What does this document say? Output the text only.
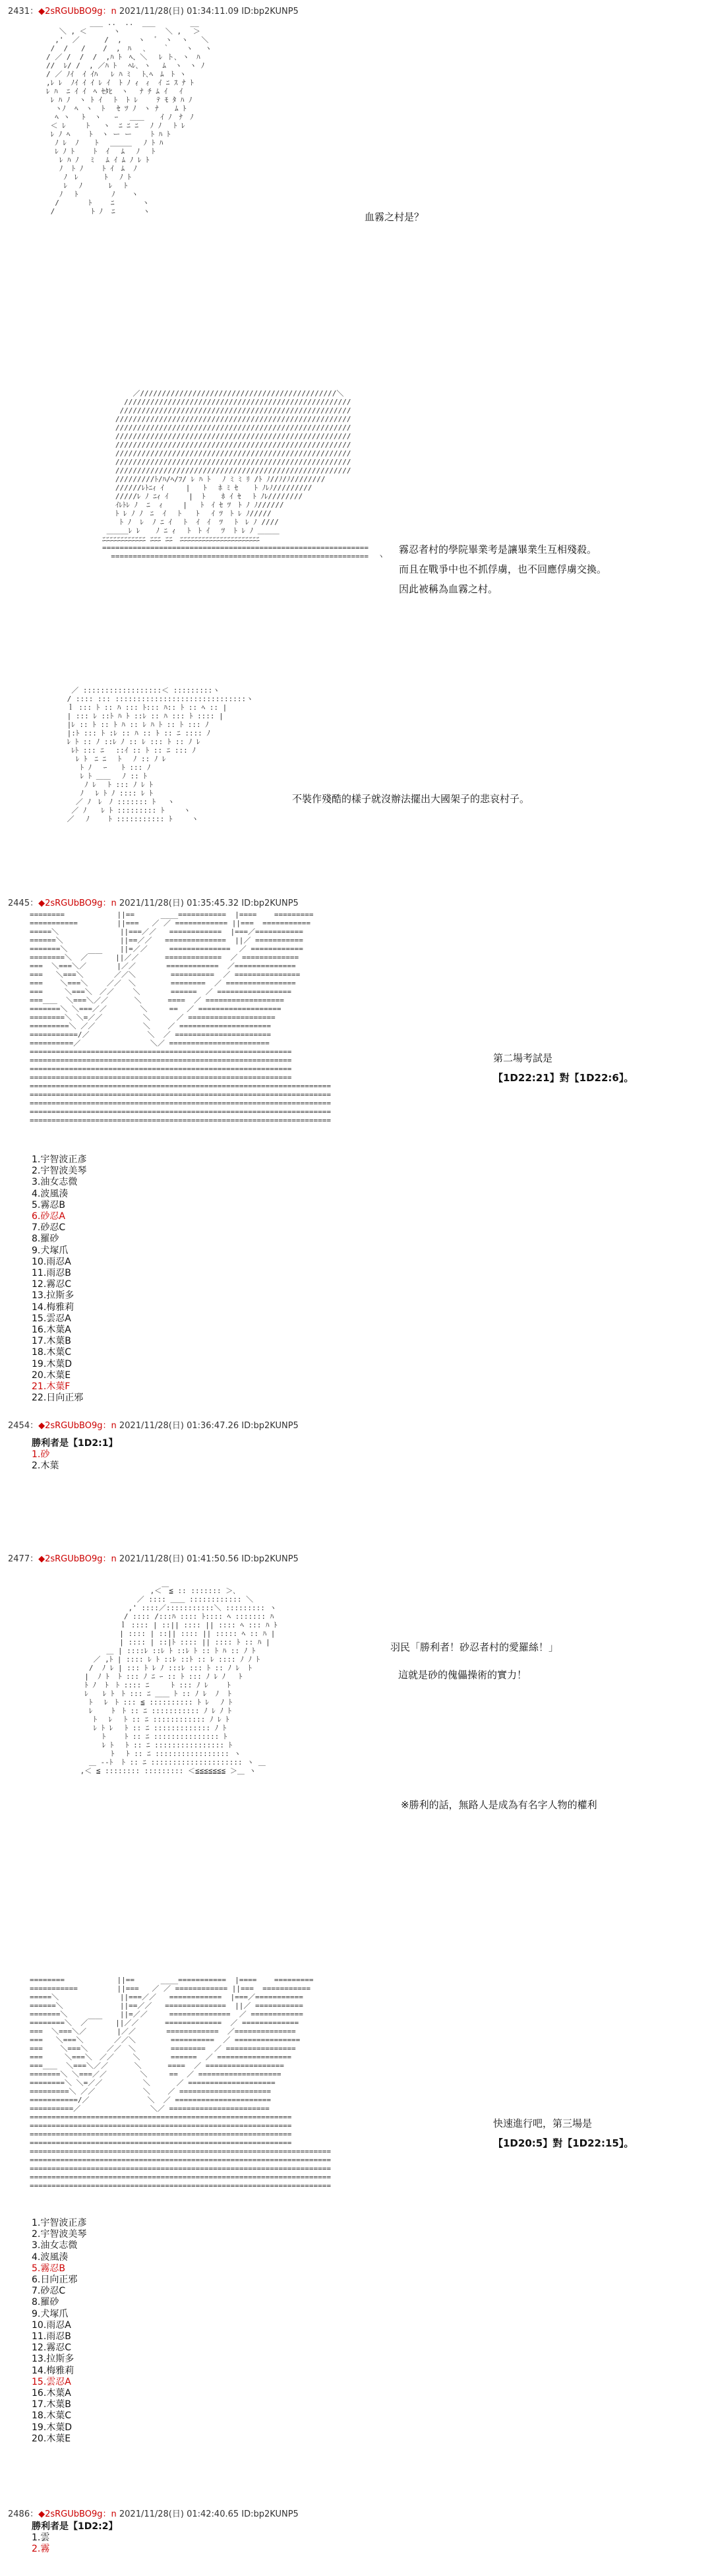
2431：◆2sRGUbBO9g：n 2021/11/28(日) 01:34:11.09 ID:bp2KUNP5
___ ..  ..  ___        __
＼ , ＜      ヽ       　　＼ ,　 ＞
,'  ／　    /  ,　  ヽ　 ﾞ　ヽ  ヽ   ＼
/  /   /    /  ,　ﾊ　 ､ 　 ｀ 　 ヽ　 ヽ
/ ／ /  /  /  ,ﾊ ﾄ　ﾍ、＼　 ﾚ ト､ ヽ　ﾊ
//  ﾚ/ /  , ／ﾊ ﾄ　 ﾍﾚ､ ヽ　 ﾑ  ヽ　ヽ ﾉ
/ ／ ﾉｲ  ｲ ｲﾊ   ﾚ ﾊ ﾐ　 ﾄ､ﾍ　ﾑ　ﾄ ヽ
,ﾚ ﾚ  ﾉｲ ｲ ｲ ﾚ ｲ  ﾄ ﾉ ｨ　ｨ  ｲ ﾆ ｽ ﾅ ﾄ
ﾚ ﾊ  ﾆ ｲ ｲ　ﾍ ｾﾀﾋ  ヽ 　ﾅ ﾁ ﾑ ｲ　 ｲ
ﾚ ﾊ ﾉ  ヽ ﾄ ｲ 　ﾄ  ﾄ ﾚ　　 ﾃ ﾓ ﾀ ﾊ ﾉ
ヽﾉ  ﾍ　ヽ  ﾄ　 ｾ ﾂ ﾉ　ヽ ﾅ 　 ﾑ ﾄ
ﾍ ヽ　 ﾄ  ヽ   ｰ　 ＿＿ 　 ｲ ﾉ　ﾅ　ﾉ
＜ ﾚ  　 ﾄ   ヽ  ﾆ ﾆ ﾆ　 ﾉ ﾉ　 ﾄ ﾚ
ﾚ ﾉ ﾍ　　 ﾄ  ヽ ー ー　　 ﾄ ﾊ ﾄ
ﾉ ﾚ  ﾉ 　 ﾄ　 ＿＿＿　 ﾉ ﾄ ﾊ
ﾚ ﾉ ﾄ 　　ﾄ  ｲ　 ﾑ　 ﾉ　 ﾄ
ﾚ ﾊ ﾉ　 ﾐ　 ﾑ ｲ ﾑ ﾉ ﾚ ﾄ
ﾉ  ﾄ ﾉ　 　ﾄ ｲ　ﾑ  ﾉ
ﾉ　ﾚ　　 　ﾄ　 ﾉ ﾄ
ﾚ 　ﾉ　 　　ﾚ 　ﾄ
ﾉ　 ﾄ　　　　 ﾉ  　ヽ
/　　　　ﾄ　　 ﾆ　  　 ヽ
/　　　　　ﾄ ﾉ  ﾆ　　   ヽ	血霧之村是？
／/////////////////////////////////////////////＼
////////////////////////////////////////////////////
/////////////////////////////////////////////////////
//////////////////////////////////////////////////////
//////////////////////////////////////////////////////
//////////////////////////////////////////////////////
//////////////////////////////////////////////////////
//////////////////////////////////////////////////////
//////////////////////////////////////////////////////
//////////////////////////////////////////////////////
/////////ﾄ/ﾊ/ﾍ/ﾌ/ ﾚ ﾊ ﾄ 　ﾉ ﾐ ﾐ ﾘ /ﾄ ﾉ//ﾉ/ﾉ////////
//////ﾚﾄﾆｨ ｲ　　　|   ﾄ 　ﾎ ﾐ ｾ 　 ﾄ ﾉﾚﾉ/////////
/////ﾚ ﾉ ﾆｨ ｲ  　 |  ﾄ 　 ﾎ ｲ ｾ　 ﾄ ﾉﾚ////////
ｲﾚﾄﾚ ﾉ  ﾆ  ｨ 　  |   ﾄ　ｲ ｾ ﾂ　ﾄ ﾉ ﾉ//////
ﾄ ﾚ ﾉ ﾉ　ﾆ  ｲ　 ﾄ　　ﾄ　 ｲ ﾂ　ﾄ ﾚ ﾉ/////
ﾄ ﾉ  ﾚ  ﾉ ﾆ ｲ　 ﾄ  ｲ　ｲ  ﾂ　 ﾄ　ﾚ ﾉ ////
＿＿＿ﾚ ﾚ 　 ﾉ ﾆ ｨ 　ﾄ　ﾄ ｲ　 ﾂ  ﾄ ﾚ ﾉ ＿＿＿
ﾆﾆﾆﾆﾆﾆﾆﾆﾆﾆﾆﾆ ﾆﾆﾆ ﾆﾆ　ﾆﾆﾆﾆﾆﾆﾆﾆﾆﾆﾆﾆﾆﾆﾆﾆﾆﾆﾆﾆﾆﾆ
=============================================================
===========================================================  ヽ
霧忍者村的學院畢業考是讓畢業生互相殘殺。
而且在戰爭中也不抓俘虜，也不回應俘虜交換。
因此被稱為血霧之村。
／ ::::::::::::::::::＜ :::::::::ヽ
/ :::: ::: ::::::::::::::::::::::::::::::ヽ
ｌ ::: ﾄ :: ﾊ ::: ﾄ::: ﾊ:: ﾄ :: ﾍ :: |
| ::: ﾚ ::ﾄ ﾊ ﾄ ::ﾚ :: ﾊ ::: ﾄ :::: |
|ﾚ :: ﾄ :: ﾄ ﾊ :: ﾚ ﾊ ﾄ :: ﾄ ::: ﾉ
|:ﾄ ::: ﾄ :ﾚ :: ﾊ :: ﾄ :: ﾆ :::: ﾉ
ﾚ ﾄ :: ﾉ ::ﾚ ﾉ :: ﾚ ::: ﾄ :: ﾉ ﾚ
ﾚﾄ ::: ﾆ　 ::ｲ :: ﾄ :: ﾆ ::: ﾉ
ﾚ ﾄ　ﾆ ﾆ　 ﾄ　 ﾉ :: ﾉ ﾚ
ﾄ ﾉ　 ｰ　　ﾄ ::: ﾉ
ﾚ ﾄ ＿＿　 ﾉ :: ﾄ
ﾉ ﾚ　 ﾄ ::: ﾉ ﾚ ﾄ
ﾉ 　ﾚ ﾄ ﾉ :::: ﾚ ﾄ
／ ﾉ　ﾚ　ﾉ ::::::: ﾄ　 ヽ
／ ﾉ　　ﾚ ﾄ ::::::::: ﾄ　　 ヽ
／ 　ﾉ　　 ﾄ ::::::::::: ﾄ 　　ヽ
不裝作殘酷的樣子就沒辦法擺出大國架子的悲哀村子。
2445：◆2sRGUbBO9g：n 2021/11/28(日) 01:35:45.32 ID:bp2KUNP5
========            ||==      ____===========  |====    =========
===========         ||===   ／ ／ ============ ||===  ===========
=====＼              ||===／／   ============  |===／===========
======＼             ||==／／   ==============  ||／ ===========
=======＼            ||=／／     ==============  ／ ============
========＼  ／￣￣   ||／／      =============  ／ =============
===  ＼===＼／　　　  |／／       ============  ／==============
===   ＼===＼　　　  ／／＼        ==========  ／ ===============
===    ＼===＼　　 ／／　＼        ========  ／ ================
===     ＼===＼　／／　　 ＼       ======  ／ =================
===＿＿  ＼===＼／／　　　 ＼      ====  ／ ==================
=======＼ ＼===／／　　　　 ＼     ==  ／ ===================
========＼ ＼=／／　　　　　 ＼      ／ ====================
=========＼ ／／　　　　　　 ＼    ／ =====================
===========/／　　　　　　　　＼  ／ ======================
==========／　　　　　　　　　 ＼／ =======================
============================================================
============================================================
============================================================
============================================================
=====================================================================
=====================================================================
=====================================================================
=====================================================================
=====================================================================
第二場考試是
【1D22:21】對【1D22:6】。
1.宇智波正彥
2.宇智波美琴
3.油女志微
4.波風湊
5.霧忍B
6.砂忍A
7.砂忍C
8.羅砂
9.犬塚爪
10.雨忍A
11.雨忍B
12.霧忍C
13.拉斯多
14.梅雅莉
15.雲忍A
16.木葉A
17.木葉B
18.木葉C
19.木葉D
20.木葉E
21.木葉F
22.日向正邪
2454：◆2sRGUbBO9g：n 2021/11/28(日) 01:36:47.26 ID:bp2KUNP5
勝利者是【1D2:1】
1.砂
2.木葉
2477：◆2sRGUbBO9g：n 2021/11/28(日) 01:41:50.56 ID:bp2KUNP5
,＜￣≦ :: ::::::: ＞､
／ :::: ＿＿ :::::::::::: ＼
,' ::::／:::::::::::＼ ::::::::: ヽ
/ :::: /:::ﾊ :::: ﾄ:::: ﾍ ::::::: ﾊ
ｌ :::: | ::|| :::: || :::: ﾍ ::: ﾊ ﾄ
| :::: | ::|| :::: || ::::: ﾍ :: ﾊ |
| :::: | ::|ﾄ :::: || :::: ﾄ :: ﾊ |
＿ | ::::ﾚ ::ﾚ ﾄ ::ﾚ ﾄ :: ﾄ ﾊ :: ﾉ ﾄ
／ ,ﾄ | :::: ﾚ ﾄ ::ﾚ ::ﾄ :: ﾚ :::: ﾉ ﾉ ﾄ
/  ﾉ ﾚ | ::: ﾄ ﾚ ﾉ :::ﾚ ::: ﾄ :: ﾉ ﾚ  ﾄ
|  ﾉ ﾄ  ﾄ ::: ﾉ ﾆ ｰ :: ﾄ ::: ﾉ ﾚ ﾉ   ﾄ
ﾄ ﾉ  ﾄ　ﾄ :::: ﾆ　　　ﾄ ::: ﾉ ﾚ　　 ﾄ
ﾚ　　ﾚ ﾄ　ﾄ ::: ﾆ ＿＿ ﾄ :: ﾉ ﾚ  ﾉ  ﾄ
ﾄ　 ﾚ　ﾄ ::: ≦ :::::::::: ﾄ ﾚ　 ﾉ ﾄ
ﾚ　 　ﾄ　ﾄ :: ﾆ ::::::::::: ﾉ ﾚ ﾉ ﾄ
ﾄ　 ﾚ　 ﾄ :: ﾆ :::::::::::: ﾉ ﾚ ﾄ
ﾚ ﾄ ﾚ　 ﾄ :: ﾆ ::::::::::::: ﾉ ﾄ
ﾄ　　 ﾄ :: ﾆ ::::::::::::::: ﾄ
ﾚ ﾄ 　ﾄ :: ﾆ :::::::::::::::: ﾄ
ﾄ　 ﾄ :: ﾆ ::::::::::::::::: ヽ
＿ -‐ﾄ  ﾄ :: ﾆ ::::::::::::::::::::: ヽ ＿
,＜ ≦ :::::::: ::::::::: ＜≦≦≦≦≦≦≦ ＞＿ ヽ
羽民「勝利者！砂忍者村的愛羅絲！」
這就是砂的傀儡操術的實力！
※勝利的話，無路人是成為有名字人物的權利
========            ||==      ____===========  |====    =========
===========         ||===   ／ ／ ============ ||===  ===========
=====＼              ||===／／   ============  |===／===========
======＼             ||==／／   ==============  ||／ ===========
=======＼            ||=／／     ==============  ／ ============
========＼  ／￣￣   ||／／      =============  ／ =============
===  ＼===＼／　　　  |／／       ============  ／==============
===   ＼===＼　　　  ／／＼        ==========  ／ ===============
===    ＼===＼　　 ／／　＼        ========  ／ ================
===     ＼===＼　／／　　 ＼       ======  ／ =================
===＿＿  ＼===＼／／　　　 ＼      ====  ／ ==================
=======＼ ＼===／／　　　　 ＼     ==  ／ ===================
========＼ ＼=／／　　　　　 ＼      ／ ====================
=========＼ ／／　　　　　　 ＼    ／ =====================
===========/／　　　　　　　　＼  ／ ======================
==========／　　　　　　　　　 ＼／ =======================
============================================================
============================================================
============================================================
============================================================
=====================================================================
=====================================================================
=====================================================================
=====================================================================
=====================================================================
快速進行吧，第三場是
【1D20:5】對【1D22:15】。
1.宇智波正彥
2.宇智波美琴
3.油女志微
4.波風湊
5.霧忍B
6.日向正邪
7.砂忍C
8.羅砂
9.犬塚爪
10.雨忍A
11.雨忍B
12.霧忍C
13.拉斯多
14.梅雅莉
15.雲忍A
16.木葉A
17.木葉B
18.木葉C
19.木葉D
20.木葉E
2486：◆2sRGUbBO9g：n 2021/11/28(日) 01:42:40.65 ID:bp2KUNP5
勝利者是【1D2:2】
1.雲
2.霧
